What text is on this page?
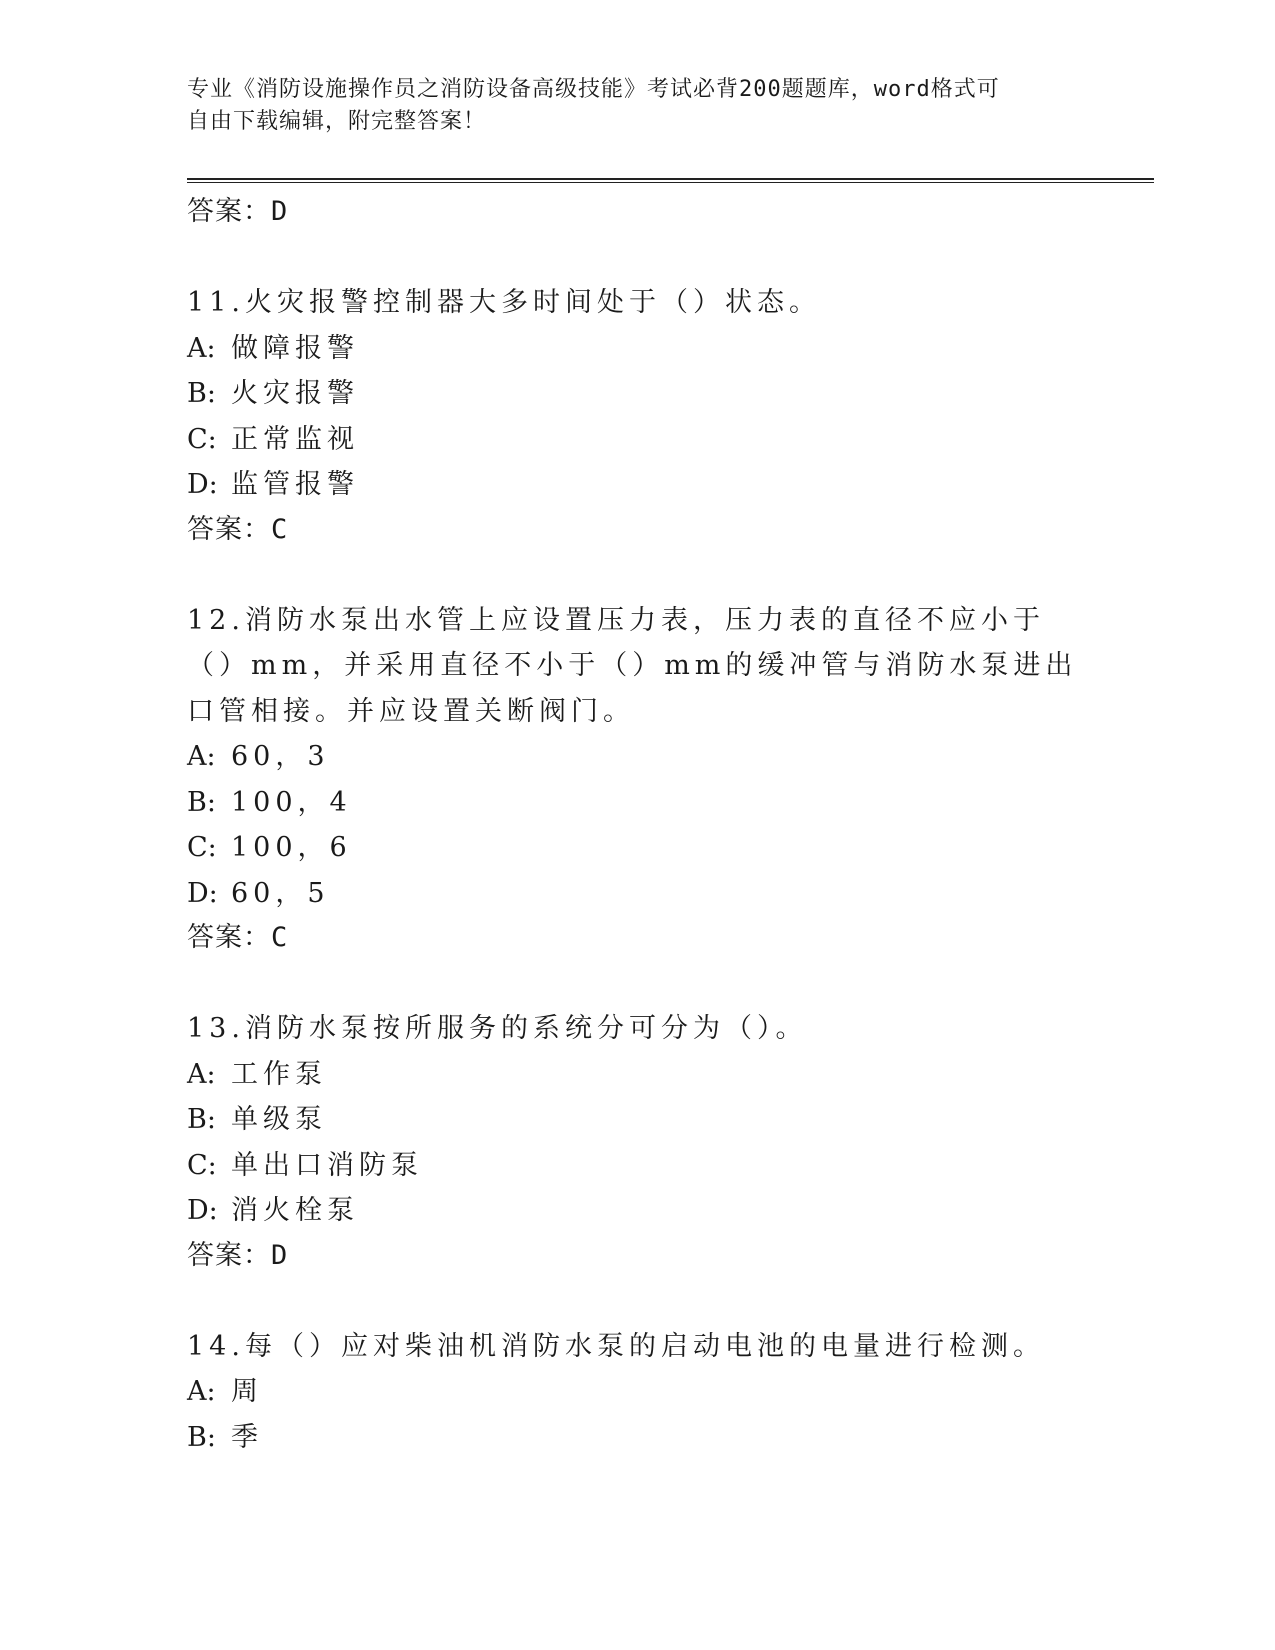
专业《消防设施操作员之消防设备高级技能》考试必背200题题库，word格式可
自由下载编辑，附完整答案！
答案：D
11.火灾报警控制器大多时间处于（）状态。
A: 做障报警
B: 火灾报警
C: 正常监视
D: 监管报警
答案：C
12.消防水泵出水管上应设置压力表，压力表的直径不应小于（）mm，并采用直径不小于（）mm的缓冲管与消防水泵进出口管相接。并应设置关断阀门。
A: 60，3
B: 100，4
C: 100，6
D: 60，5
答案：C
13.消防水泵按所服务的系统分可分为（）。
A: 工作泵
B: 单级泵
C: 单出口消防泵
D: 消火栓泵
答案：D
14.每（）应对柴油机消防水泵的启动电池的电量进行检测。
A: 周
B: 季
